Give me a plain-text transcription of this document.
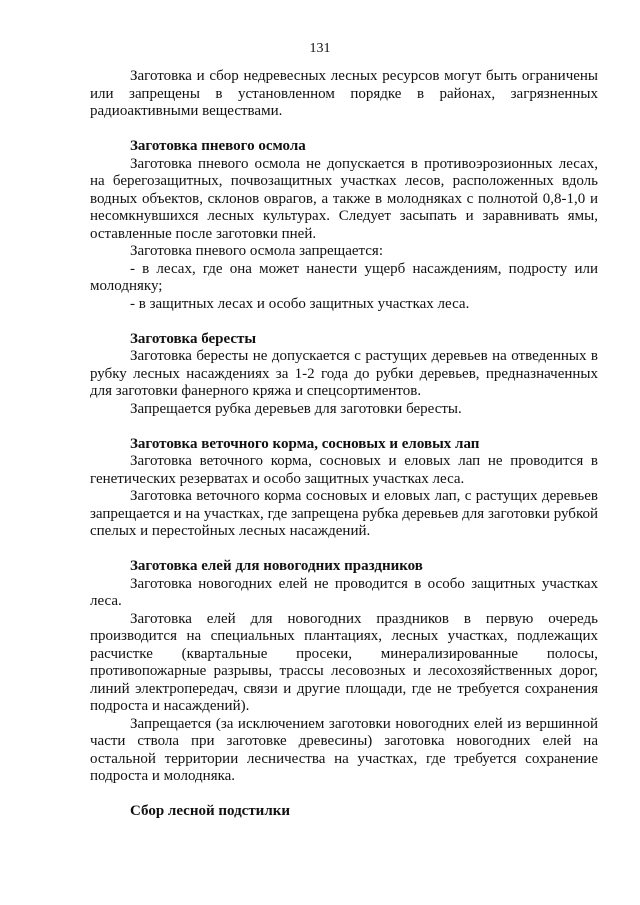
131

Заготовка и сбор недревесных лесных ресурсов могут быть ограничены или запрещены в установленном порядке в районах, загрязненных радиоактивными веществами.

Заготовка пневого осмола

Заготовка пневого осмола не допускается в противоэрозионных лесах, на берегозащитных, почвозащитных участках лесов, расположенных вдоль водных объектов, склонов оврагов, а также в молодняках с полнотой 0,8-1,0 и несомкнувшихся лесных культурах. Следует засыпать и заравнивать ямы, оставленные после заготовки пней.

Заготовка пневого осмола запрещается:

- в лесах, где она может нанести ущерб насаждениям, подросту или молодняку;

- в защитных лесах и особо защитных участках леса.

Заготовка бересты

Заготовка бересты не допускается с растущих деревьев на отведенных в рубку лесных насаждениях за 1-2 года до рубки деревьев, предназначенных для заготовки фанерного кряжа и спецсортиментов.

Запрещается рубка деревьев для заготовки бересты.

Заготовка веточного корма, сосновых и еловых лап

Заготовка веточного корма, сосновых и еловых лап не проводится в генетических резерватах и особо защитных участках леса.

Заготовка веточного корма сосновых и еловых лап, с растущих деревьев запрещается и на участках, где запрещена рубка деревьев для заготовки рубкой спелых и перестойных лесных насаждений.

Заготовка елей для новогодних праздников

Заготовка новогодних елей не проводится в особо защитных участках леса.

Заготовка елей для новогодних праздников в первую очередь производится на специальных плантациях, лесных участках, подлежащих расчистке (квартальные просеки, минерализированные полосы, противопожарные разрывы, трассы лесовозных и лесохозяйственных дорог, линий электропередач, связи и другие площади, где не требуется сохранения подроста и насаждений).

Запрещается (за исключением заготовки новогодних елей из вершинной части ствола при заготовке древесины) заготовка новогодних елей на остальной территории лесничества на участках, где требуется сохранение подроста и молодняка.

Сбор лесной подстилки
